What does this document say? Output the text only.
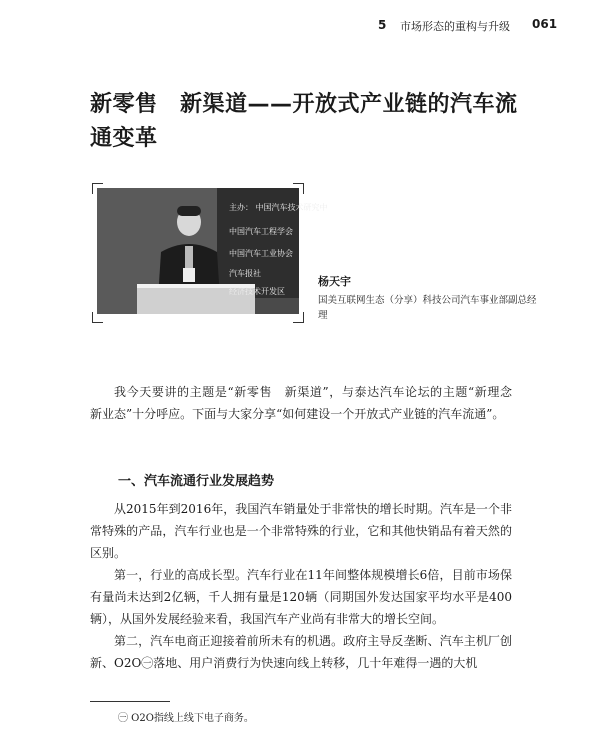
5 市场形态的重构与升级 061
新零售　新渠道——开放式产业链的汽车流通变革
主办： 中国汽车技术研究中
中国汽车工程学会
中国汽车工业协会
汽车报社
经济技术开发区
杨天宇
国美互联网生态（分享）科技公司汽车事业部副总经理

我今天要讲的主题是“新零售　新渠道”，与泰达汽车论坛的主题“新理念　新业态”十分呼应。下面与大家分享“如何建设一个开放式产业链的汽车流通”。

一、汽车流通行业发展趋势

从2015年到2016年，我国汽车销量处于非常快的增长时期。汽车是一个非常特殊的产品，汽车行业也是一个非常特殊的行业，它和其他快销品有着天然的区别。

第一，行业的高成长型。汽车行业在11年间整体规模增长6倍，目前市场保有量尚未达到2亿辆，千人拥有量是120辆（同期国外发达国家平均水平是400辆），从国外发展经验来看，我国汽车产业尚有非常大的增长空间。

第二，汽车电商正迎接着前所未有的机遇。政府主导反垄断、汽车主机厂创新、O2O㊀落地、用户消费行为快速向线上转移，几十年难得一遇的大机

㊀ O2O指线上线下电子商务。
